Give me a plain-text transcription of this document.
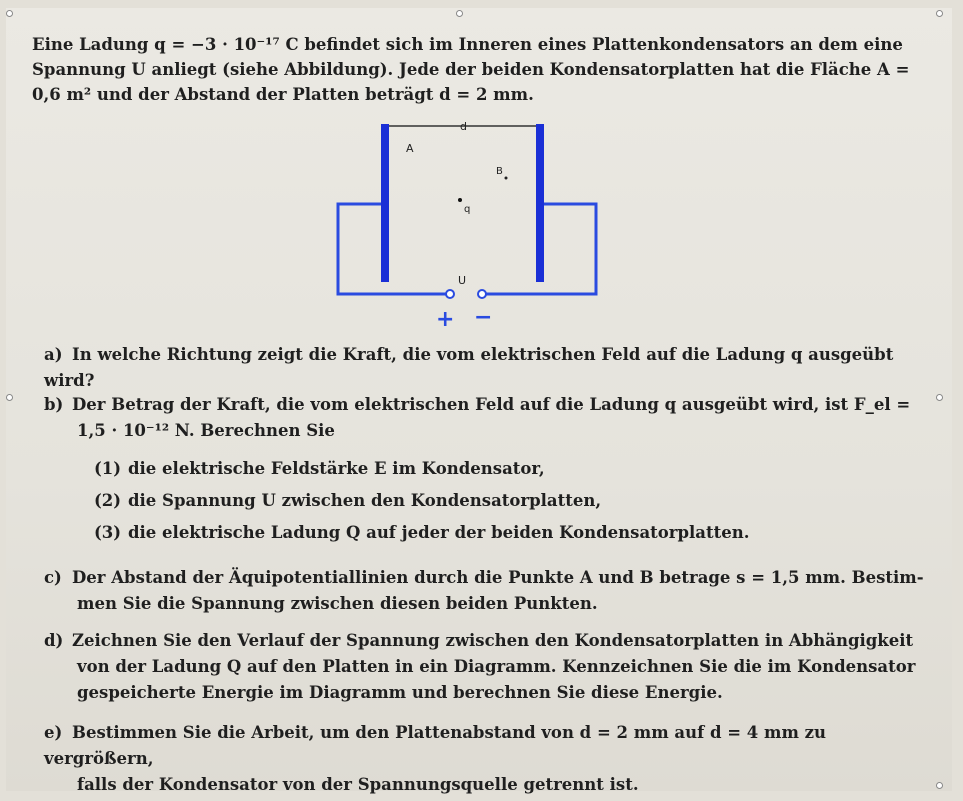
Eine Ladung q = −3 · 10⁻¹⁷ C befindet sich im Inneren eines Plattenkondensators an dem eine
Spannung U anliegt (siehe Abbildung). Jede der beiden Kondensatorplatten hat die Fläche A =
0,6 m² und der Abstand der Platten beträgt d = 2 mm.

d
A
B
q
U
+ −
a) In welche Richtung zeigt die Kraft, die vom elektrischen Feld auf die Ladung q ausgeübt wird?
b) Der Betrag der Kraft, die vom elektrischen Feld auf die Ladung q ausgeübt wird, ist F_el =
1,5 · 10⁻¹² N. Berechnen Sie
(1) die elektrische Feldstärke E im Kondensator,
(2) die Spannung U zwischen den Kondensatorplatten,
(3) die elektrische Ladung Q auf jeder der beiden Kondensatorplatten.
c) Der Abstand der Äquipotentiallinien durch die Punkte A und B betrage s = 1,5 mm. Bestim-
men Sie die Spannung zwischen diesen beiden Punkten.
d) Zeichnen Sie den Verlauf der Spannung zwischen den Kondensatorplatten in Abhängigkeit
von der Ladung Q auf den Platten in ein Diagramm. Kennzeichnen Sie die im Kondensator
gespeicherte Energie im Diagramm und berechnen Sie diese Energie.
e) Bestimmen Sie die Arbeit, um den Plattenabstand von d = 2 mm auf d = 4 mm zu vergrößern,
falls der Kondensator von der Spannungsquelle getrennt ist.
